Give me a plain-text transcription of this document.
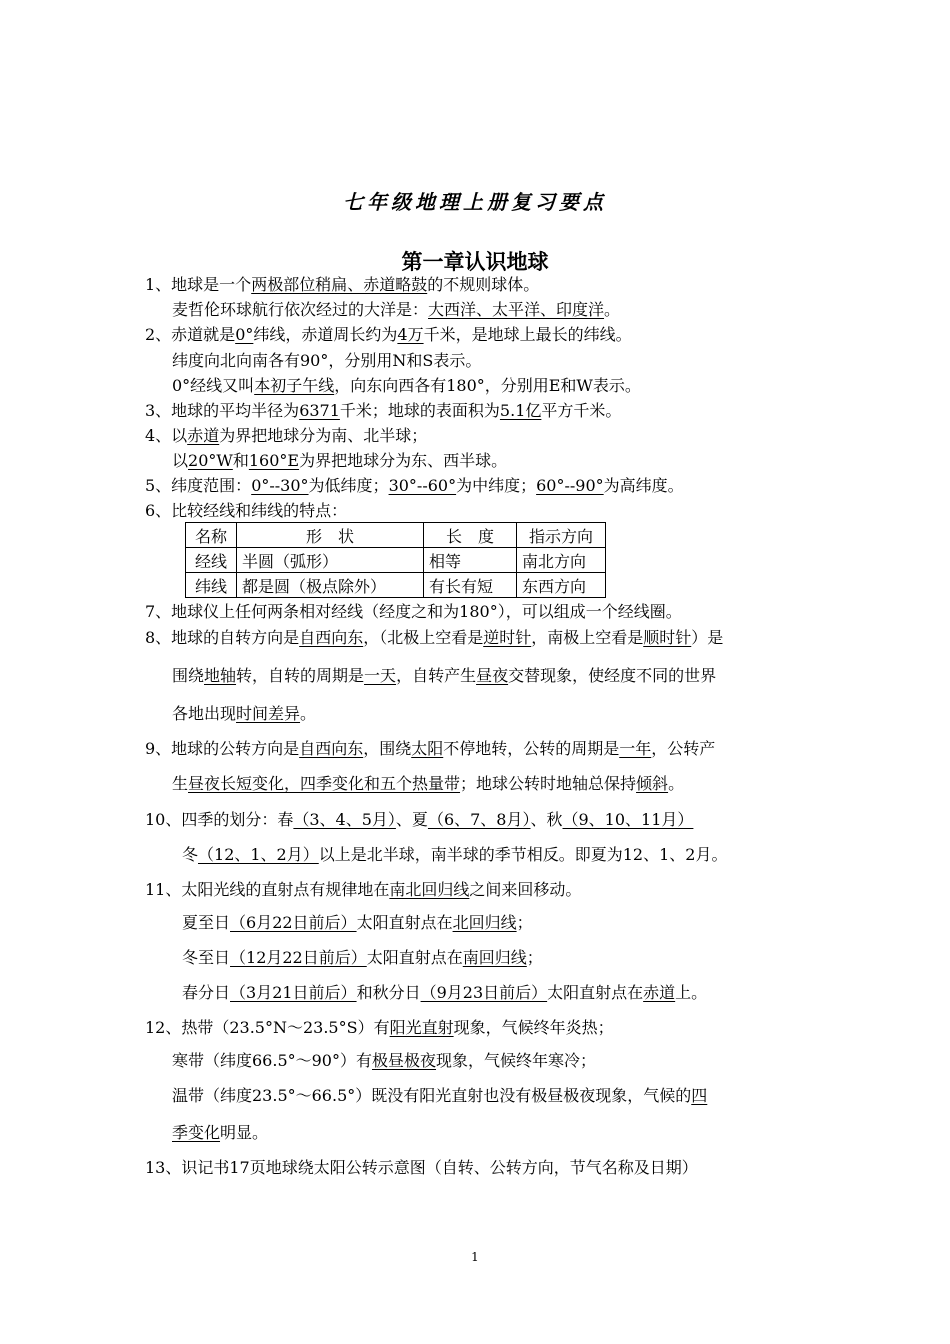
七年级地理上册复习要点
第一章认识地球
1、地球是一个两极部位稍扁、赤道略鼓的不规则球体。
麦哲伦环球航行依次经过的大洋是：大西洋、太平洋、印度洋。
2、赤道就是0°纬线，赤道周长约为4万千米，是地球上最长的纬线。
纬度向北向南各有90°，分别用N和S表示。
0°经线又叫本初子午线，向东向西各有180°，分别用E和W表示。
3、地球的平均半径为6371千米；地球的表面积为5.1亿平方千米。
4、以赤道为界把地球分为南、北半球；
以20°W和160°E为界把地球分为东、西半球。
5、纬度范围：0°--30°为低纬度；30°--60°为中纬度；60°--90°为高纬度。
6、比较经线和纬线的特点：
7、地球仪上任何两条相对经线（经度之和为180°），可以组成一个经线圈。
8、地球的自转方向是自西向东，（北极上空看是逆时针，南极上空看是顺时针）是
围绕地轴转，自转的周期是一天，自转产生昼夜交替现象，使经度不同的世界
各地出现时间差异。
9、地球的公转方向是自西向东，围绕太阳不停地转，公转的周期是一年，公转产
生昼夜长短变化，四季变化和五个热量带；地球公转时地轴总保持倾斜。
10、四季的划分：春（3、4、5月）、夏（6、7、8月）、秋（9、10、11月）
冬（12、1、2月）以上是北半球，南半球的季节相反。即夏为12、1、2月。
11、太阳光线的直射点有规律地在南北回归线之间来回移动。
夏至日（6月22日前后）太阳直射点在北回归线；
冬至日（12月22日前后）太阳直射点在南回归线；
春分日（3月21日前后）和秋分日（9月23日前后）太阳直射点在赤道上。
12、热带（23.5°N～23.5°S）有阳光直射现象，气候终年炎热；
寒带（纬度66.5°～90°）有极昼极夜现象，气候终年寒冷；
温带（纬度23.5°～66.5°）既没有阳光直射也没有极昼极夜现象，气候的四
季变化明显。
13、识记书17页地球绕太阳公转示意图（自转、公转方向，节气名称及日期）
名称	形　状	长　度	指示方向
经线	半圆（弧形）	相等	南北方向
纬线	都是圆（极点除外）	有长有短	东西方向
1
